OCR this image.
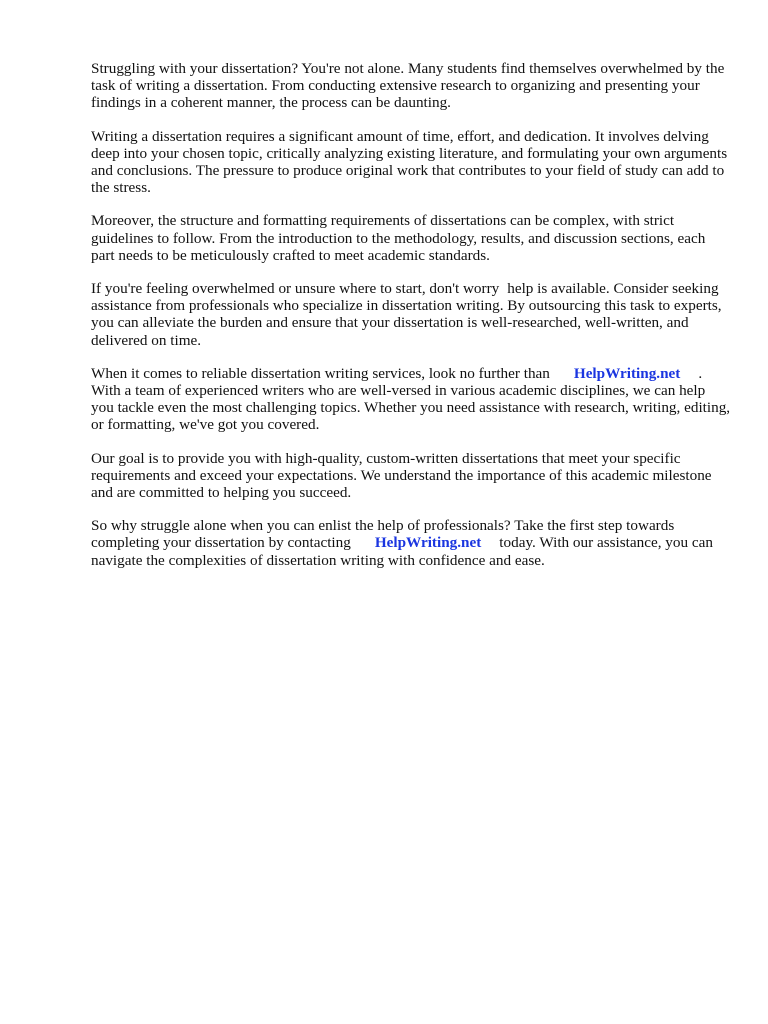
Struggling with your dissertation? You're not alone. Many students find themselves overwhelmed by the task of writing a dissertation. From conducting extensive research to organizing and presenting your findings in a coherent manner, the process can be daunting.

Writing a dissertation requires a significant amount of time, effort, and dedication. It involves delving deep into your chosen topic, critically analyzing existing literature, and formulating your own arguments and conclusions. The pressure to produce original work that contributes to your field of study can add to the stress.

Moreover, the structure and formatting requirements of dissertations can be complex, with strict guidelines to follow. From the introduction to the methodology, results, and discussion sections, each part needs to be meticulously crafted to meet academic standards.

If you're feeling overwhelmed or unsure where to start, don't worry help is available. Consider seeking assistance from professionals who specialize in dissertation writing. By outsourcing this task to experts, you can alleviate the burden and ensure that your dissertation is well-researched, well-written, and delivered on time.

When it comes to reliable dissertation writing services, look no further than HelpWriting.net . With a team of experienced writers who are well-versed in various academic disciplines, we can help you tackle even the most challenging topics. Whether you need assistance with research, writing, editing, or formatting, we've got you covered.

Our goal is to provide you with high-quality, custom-written dissertations that meet your specific requirements and exceed your expectations. We understand the importance of this academic milestone and are committed to helping you succeed.

So why struggle alone when you can enlist the help of professionals? Take the first step towards completing your dissertation by contacting HelpWriting.net today. With our assistance, you can navigate the complexities of dissertation writing with confidence and ease.
